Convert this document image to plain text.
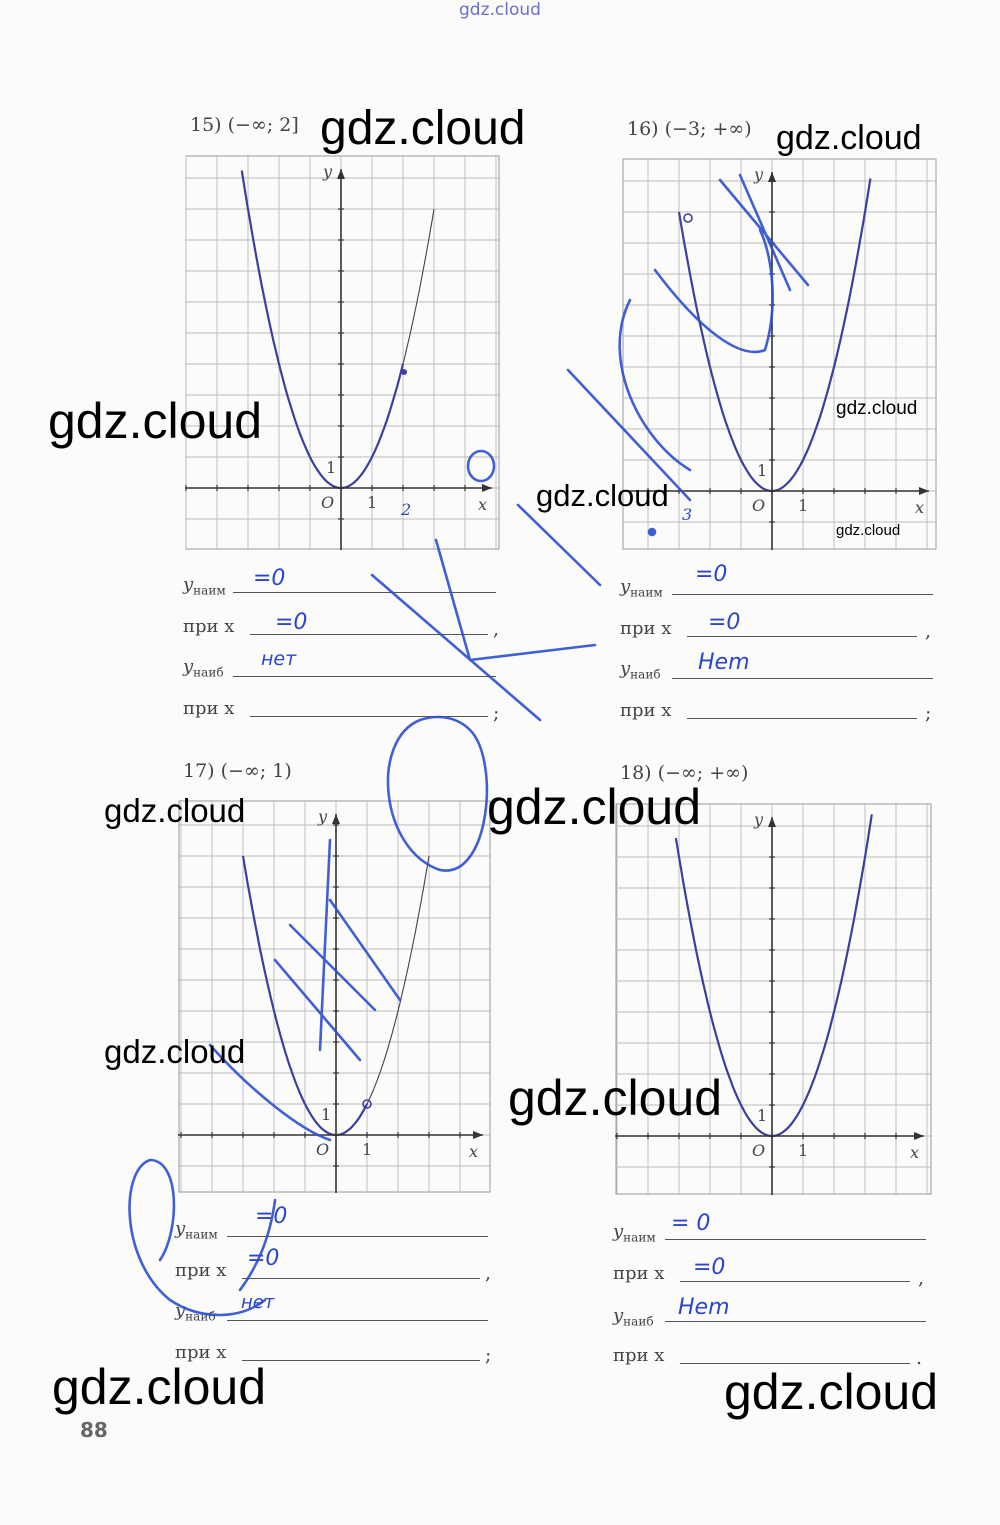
gdz.cloud
15) (−∞; 2]	16) (−3; +∞)
17) (−∞; 1)	18) (−∞; +∞)
x
y
O 1
1
2	x
y
O 1
1
3
x
y
O 1
1
x
y
O 1
1
$y_{наим} =0$
при x =0	,
$y_{наиб}$
нет
при x	;
$y_{наим}$
=0
при x =0	,
$y_{наиб}$ Hem
при x	;
$y_{наим}$
=0
при x =0
,
$y_{наиб}$
нет
при x	;
$y_{наим}$
= 0
при x =0	,
$y_{наиб}$
Hem
при x	.
gdz.cloud	gdz.cloud
gdz.cloud	gdz.cloud
gdz.cloud
gdz.cloud
gdz.cloud	gdz.cloud
gdz.cloud
gdz.cloud
gdz.cloud	gdz.cloud
88
